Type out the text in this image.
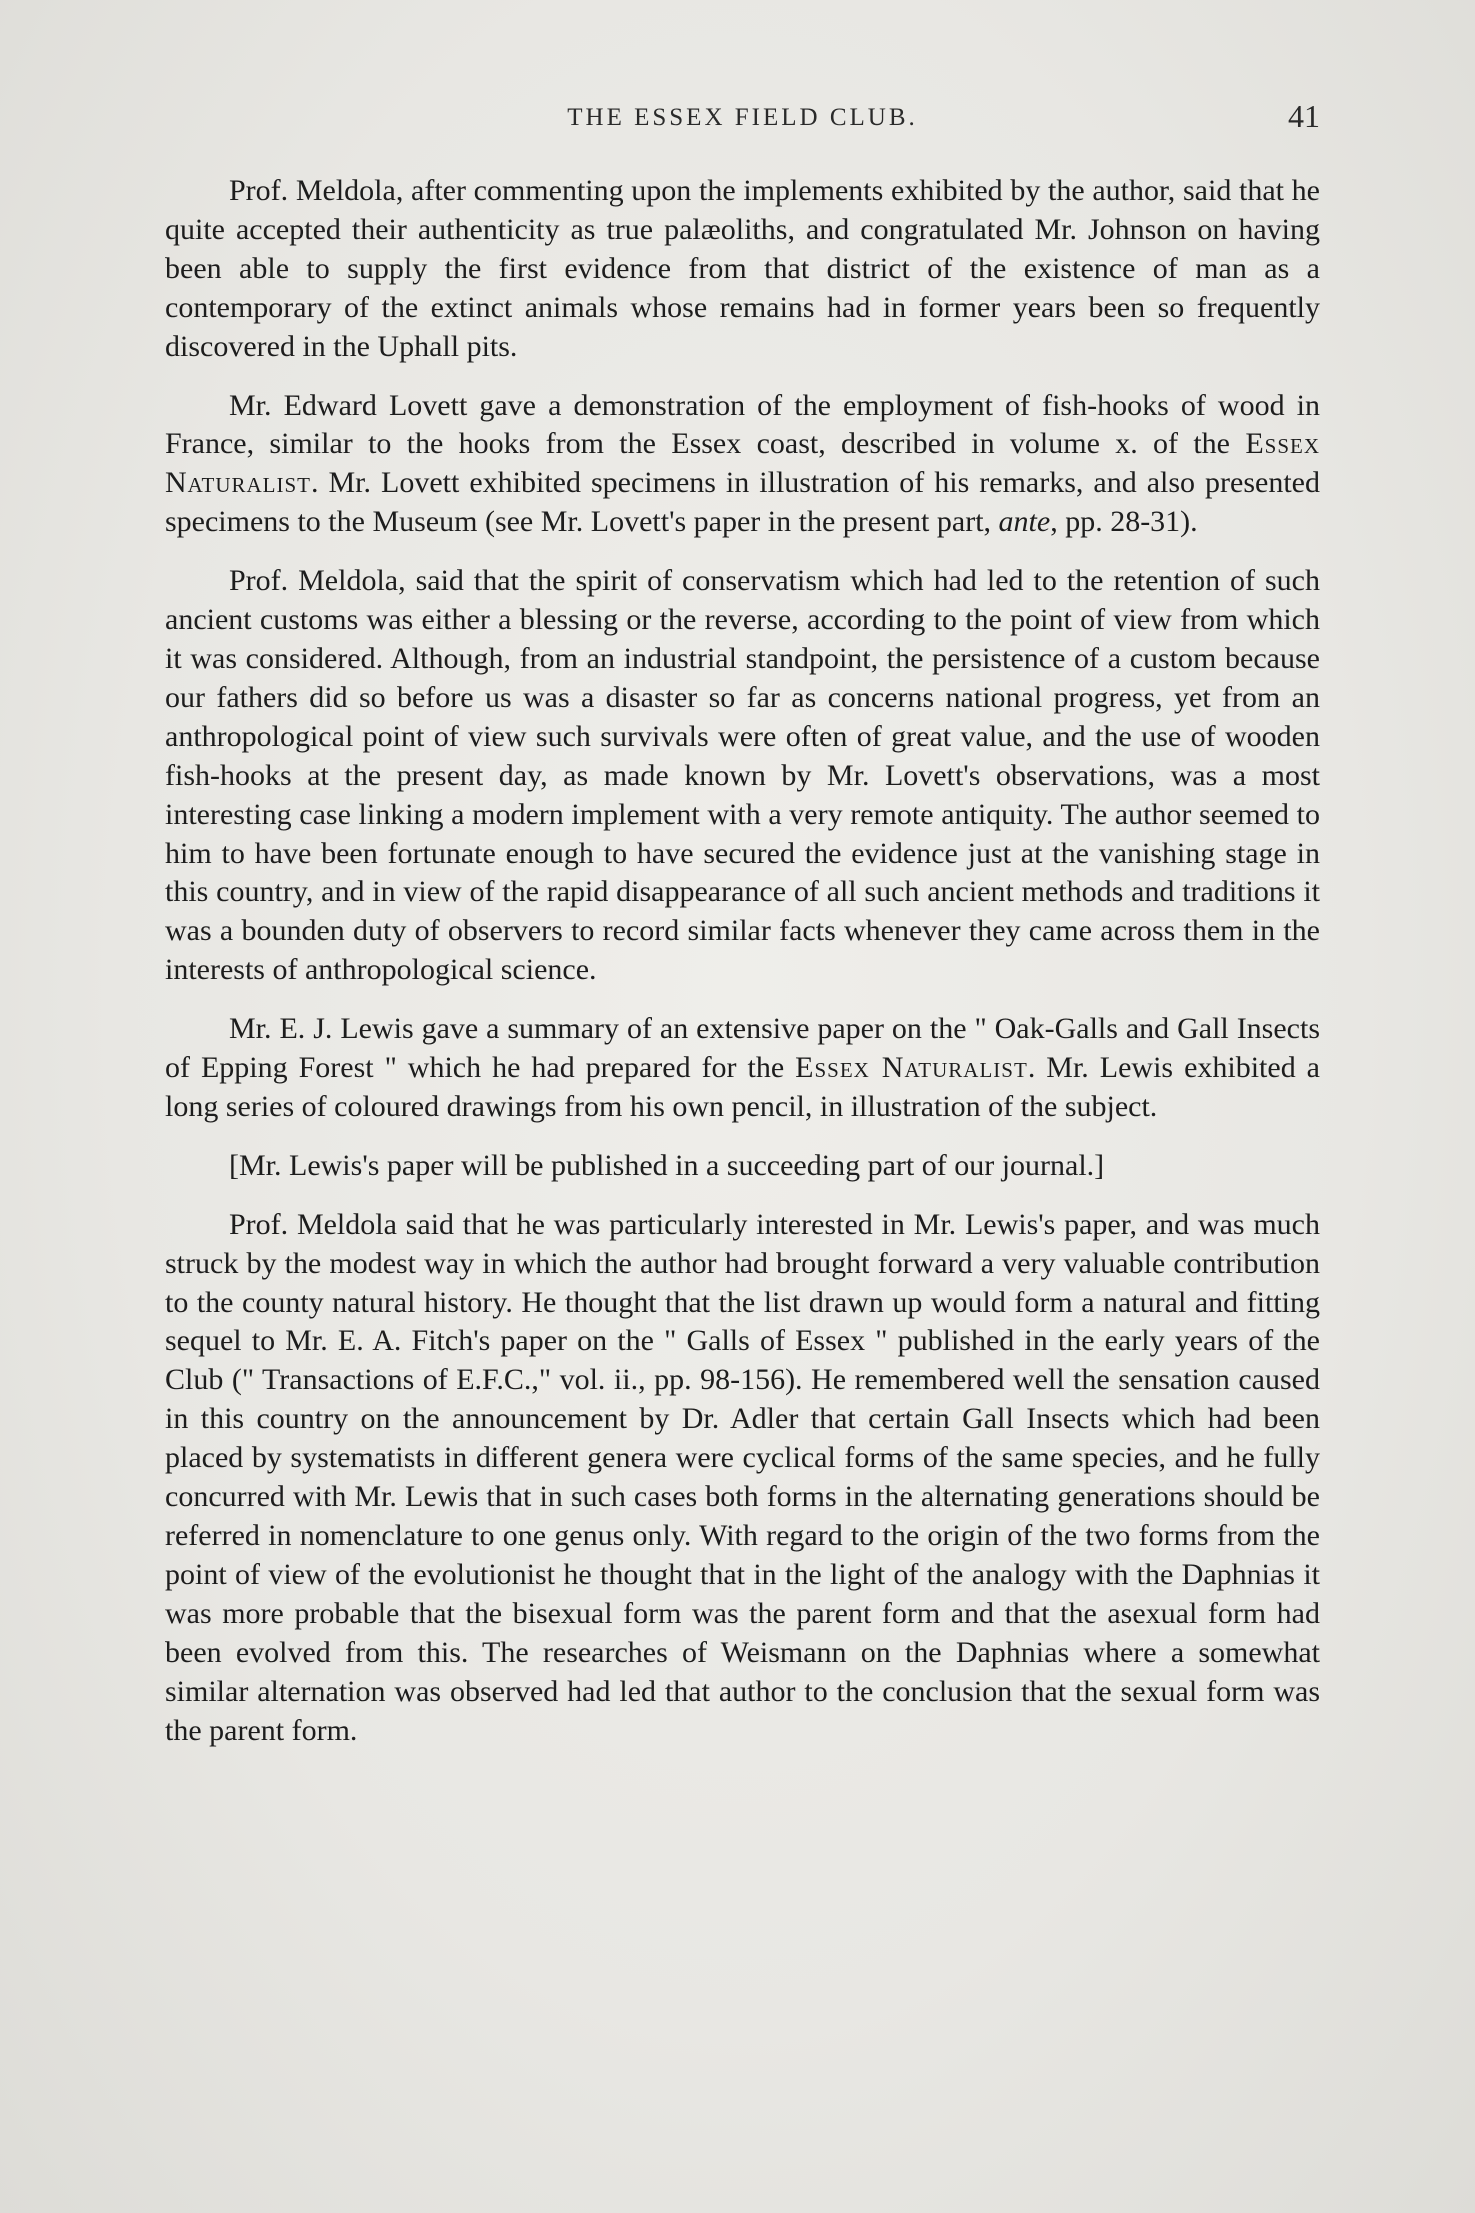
THE ESSEX FIELD CLUB.	41

Prof. Meldola, after commenting upon the implements exhibited by the author, said that he quite accepted their authenticity as true palæoliths, and congratulated Mr. Johnson on having been able to supply the first evidence from that district of the existence of man as a contemporary of the extinct animals whose remains had in former years been so frequently discovered in the Uphall pits.

Mr. Edward Lovett gave a demonstration of the employment of fish-hooks of wood in France, similar to the hooks from the Essex coast, described in volume x. of the Essex Naturalist. Mr. Lovett exhibited specimens in illustration of his remarks, and also presented specimens to the Museum (see Mr. Lovett's paper in the present part, ante, pp. 28-31).

Prof. Meldola, said that the spirit of conservatism which had led to the retention of such ancient customs was either a blessing or the reverse, according to the point of view from which it was considered. Although, from an industrial standpoint, the persistence of a custom because our fathers did so before us was a disaster so far as concerns national progress, yet from an anthropological point of view such survivals were often of great value, and the use of wooden fish-hooks at the present day, as made known by Mr. Lovett's observations, was a most interesting case linking a modern implement with a very remote antiquity. The author seemed to him to have been fortunate enough to have secured the evidence just at the vanishing stage in this country, and in view of the rapid disappearance of all such ancient methods and traditions it was a bounden duty of observers to record similar facts whenever they came across them in the interests of anthropological science.

Mr. E. J. Lewis gave a summary of an extensive paper on the " Oak-Galls and Gall Insects of Epping Forest " which he had prepared for the Essex Naturalist. Mr. Lewis exhibited a long series of coloured drawings from his own pencil, in illustration of the subject.

[Mr. Lewis's paper will be published in a succeeding part of our journal.]

Prof. Meldola said that he was particularly interested in Mr. Lewis's paper, and was much struck by the modest way in which the author had brought forward a very valuable contribution to the county natural history. He thought that the list drawn up would form a natural and fitting sequel to Mr. E. A. Fitch's paper on the " Galls of Essex " published in the early years of the Club (" Transactions of E.F.C.," vol. ii., pp. 98-156). He remembered well the sensation caused in this country on the announcement by Dr. Adler that certain Gall Insects which had been placed by systematists in different genera were cyclical forms of the same species, and he fully concurred with Mr. Lewis that in such cases both forms in the alternating generations should be referred in nomenclature to one genus only. With regard to the origin of the two forms from the point of view of the evolutionist he thought that in the light of the analogy with the Daphnias it was more probable that the bisexual form was the parent form and that the asexual form had been evolved from this. The researches of Weismann on the Daphnias where a somewhat similar alternation was observed had led that author to the conclusion that the sexual form was the parent form.
